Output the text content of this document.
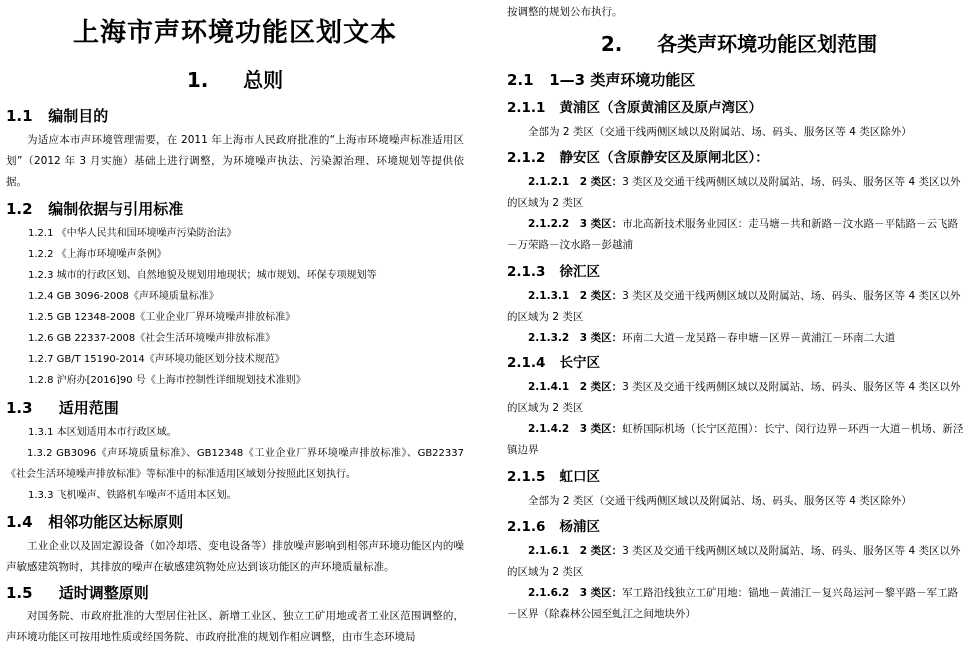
上海市声环境功能区划文本
1. 总则
1.1 编制目的
为适应本市声环境管理需要，在 2011 年上海市人民政府批准的“上海市环境噪声标准适用区划”（2012 年 3 月实施）基础上进行调整，为环境噪声执法、污染源治理、环境规划等提供依据。
1.2 编制依据与引用标准
1.2.1 《中华人民共和国环境噪声污染防治法》
1.2.2 《上海市环境噪声条例》
1.2.3 城市的行政区划、自然地貌及规划用地现状；城市规划、环保专项规划等
1.2.4 GB 3096-2008《声环境质量标准》
1.2.5 GB 12348-2008《工业企业厂界环境噪声排放标准》
1.2.6 GB 22337-2008《社会生活环境噪声排放标准》
1.2.7 GB/T 15190-2014《声环境功能区划分技术规范》
1.2.8 沪府办[2016]90 号《上海市控制性详细规划技术准则》
1.3 适用范围
1.3.1 本区划适用本市行政区域。
1.3.2 GB3096《声环境质量标准》、GB12348《工业企业厂界环境噪声排放标准》、GB22337《社会生活环境噪声排放标准》等标准中的标准适用区域划分按照此区划执行。
1.3.3 飞机噪声、铁路机车噪声不适用本区划。
1.4 相邻功能区达标原则
工业企业以及固定源设备（如冷却塔、变电设备等）排放噪声影响到相邻声环境功能区内的噪声敏感建筑物时，其排放的噪声在敏感建筑物处应达到该功能区的声环境质量标准。
1.5 适时调整原则
对国务院、市政府批准的大型居住社区、新增工业区、独立工矿用地或者工业区范围调整的，声环境功能区可按用地性质或经国务院、市政府批准的规划作相应调整，由市生态环境局
按调整的规划公布执行。
2. 各类声环境功能区划范围
2.1 1—3 类声环境功能区
2.1.1 黄浦区（含原黄浦区及原卢湾区）
全部为 2 类区（交通干线两侧区域以及附属站、场、码头、服务区等 4 类区除外）
2.1.2 静安区（含原静安区及原闸北区）：
2.1.2.1　2 类区：3 类区及交通干线两侧区域以及附属站、场、码头、服务区等 4 类区以外的区域为 2 类区
2.1.2.2　3 类区：市北高新技术服务业园区：走马塘－共和新路－汶水路－平陆路－云飞路－万荣路－汶水路－彭越浦
2.1.3 徐汇区
2.1.3.1　2 类区：3 类区及交通干线两侧区域以及附属站、场、码头、服务区等 4 类区以外的区域为 2 类区
2.1.3.2　3 类区：环南二大道－龙吴路－春申塘－区界－黄浦江－环南二大道
2.1.4 长宁区
2.1.4.1　2 类区：3 类区及交通干线两侧区域以及附属站、场、码头、服务区等 4 类区以外的区域为 2 类区
2.1.4.2　3 类区：虹桥国际机场（长宁区范围）：长宁、闵行边界－环西一大道－机场、新泾镇边界
2.1.5 虹口区
全部为 2 类区（交通干线两侧区域以及附属站、场、码头、服务区等 4 类区除外）
2.1.6 杨浦区
2.1.6.1　2 类区：3 类区及交通干线两侧区域以及附属站、场、码头、服务区等 4 类区以外的区域为 2 类区
2.1.6.2　3 类区：军工路沿线独立工矿用地：锚地－黄浦江－复兴岛运河－黎平路－军工路－区界（除森林公园至虬江之间地块外）
